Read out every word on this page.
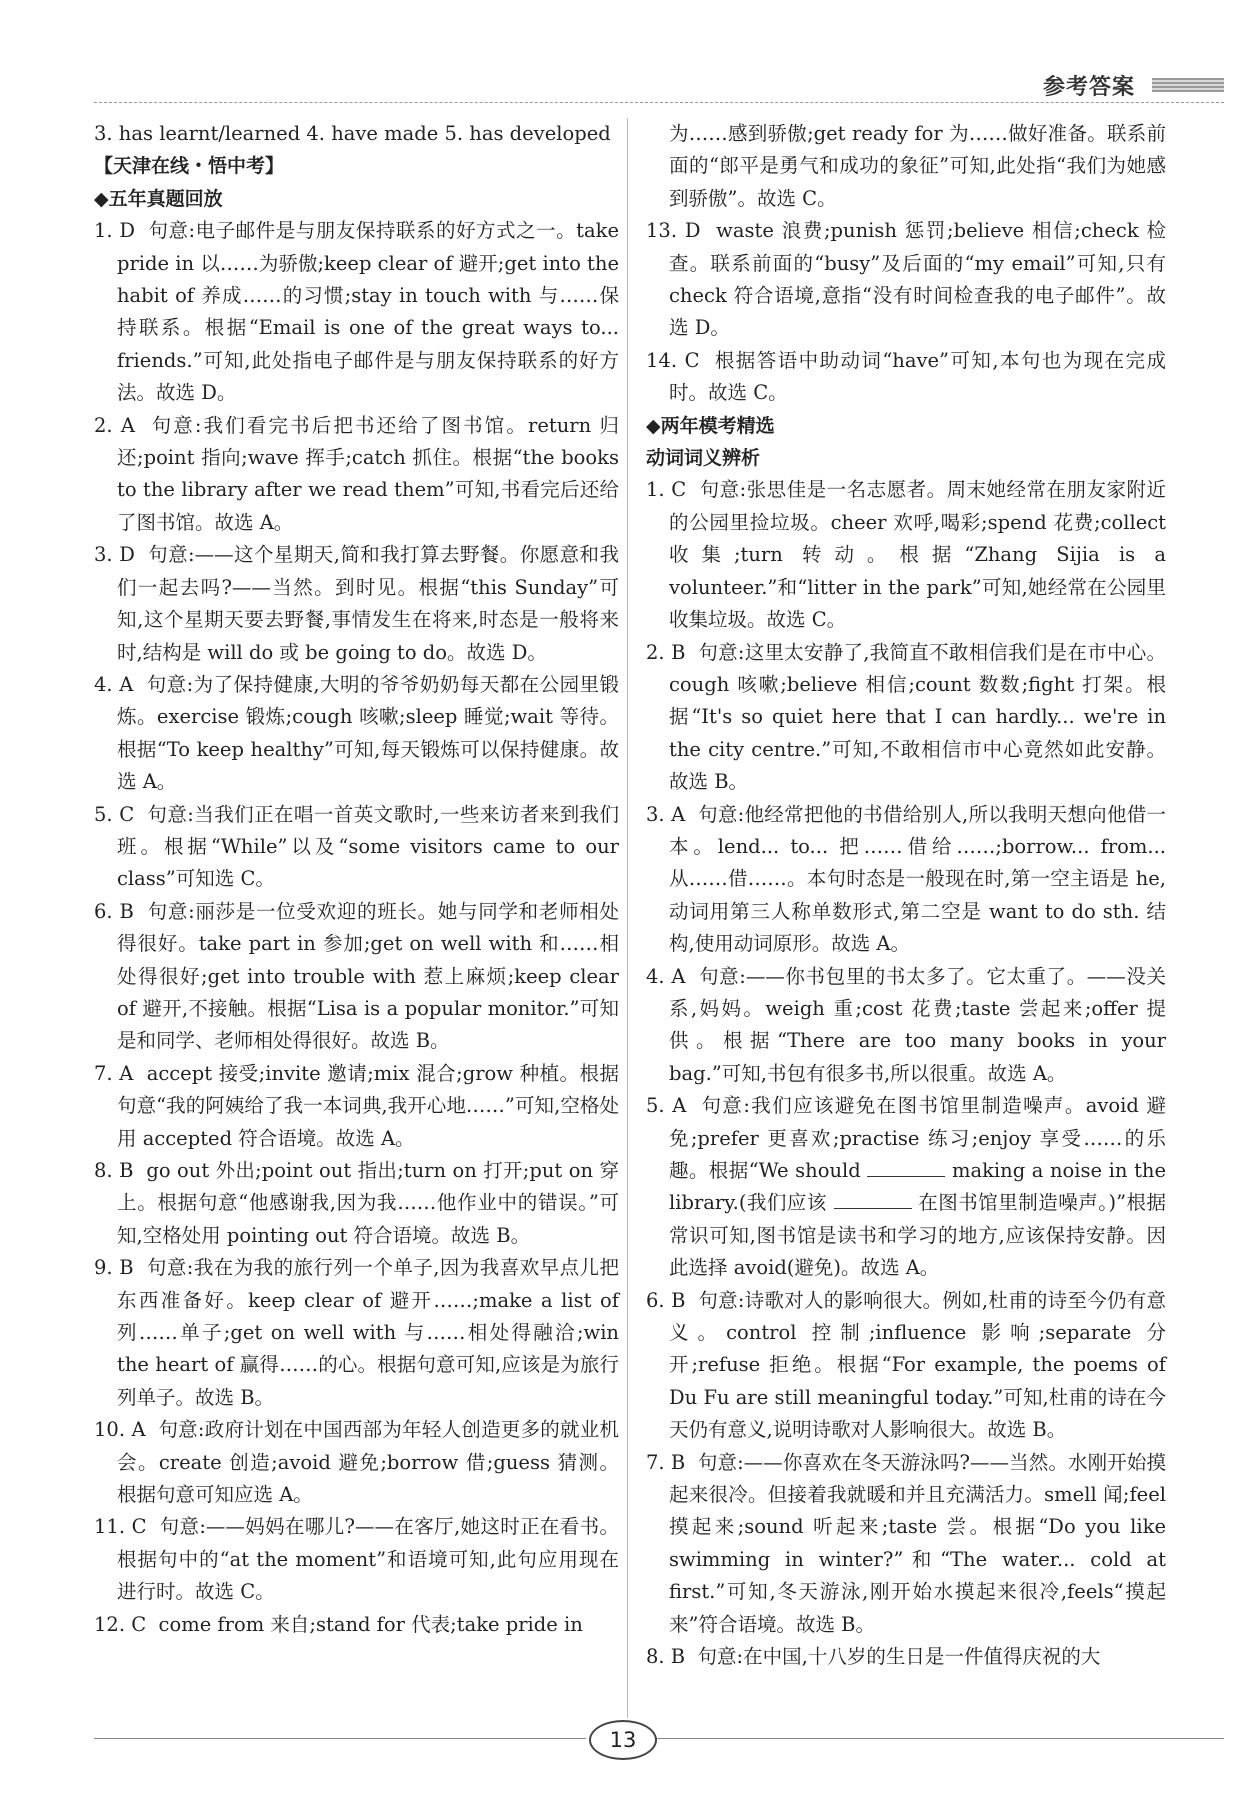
参考答案
3. has learnt/learned 4. have made 5. has developed
【天津在线・悟中考】
◆五年真题回放
1. D 句意:电子邮件是与朋友保持联系的好方式之一。take pride in 以……为骄傲;keep clear of 避开;get into the habit of 养成……的习惯;stay in touch with 与……保持联系。根据“Email is one of the great ways to... friends.”可知,此处指电子邮件是与朋友保持联系的好方法。故选 D。
2. A 句意:我们看完书后把书还给了图书馆。return 归还;point 指向;wave 挥手;catch 抓住。根据“the books to the library after we read them”可知,书看完后还给了图书馆。故选 A。
3. D 句意:——这个星期天,简和我打算去野餐。你愿意和我们一起去吗?——当然。到时见。根据“this Sunday”可知,这个星期天要去野餐,事情发生在将来,时态是一般将来时,结构是 will do 或 be going to do。故选 D。
4. A 句意:为了保持健康,大明的爷爷奶奶每天都在公园里锻炼。exercise 锻炼;cough 咳嗽;sleep 睡觉;wait 等待。根据“To keep healthy”可知,每天锻炼可以保持健康。故选 A。
5. C 句意:当我们正在唱一首英文歌时,一些来访者来到我们班。根据“While”以及“some visitors came to our class”可知选 C。
6. B 句意:丽莎是一位受欢迎的班长。她与同学和老师相处得很好。take part in 参加;get on well with 和……相处得很好;get into trouble with 惹上麻烦;keep clear of 避开,不接触。根据“Lisa is a popular monitor.”可知是和同学、老师相处得很好。故选 B。
7. A accept 接受;invite 邀请;mix 混合;grow 种植。根据句意“我的阿姨给了我一本词典,我开心地……”可知,空格处用 accepted 符合语境。故选 A。
8. B go out 外出;point out 指出;turn on 打开;put on 穿上。根据句意“他感谢我,因为我……他作业中的错误。”可知,空格处用 pointing out 符合语境。故选 B。
9. B 句意:我在为我的旅行列一个单子,因为我喜欢早点儿把东西准备好。keep clear of 避开……;make a list of 列……单子;get on well with 与……相处得融洽;win the heart of 赢得……的心。根据句意可知,应该是为旅行列单子。故选 B。
10. A 句意:政府计划在中国西部为年轻人创造更多的就业机会。create 创造;avoid 避免;borrow 借;guess 猜测。根据句意可知应选 A。
11. C 句意:——妈妈在哪儿?——在客厅,她这时正在看书。根据句中的“at the moment”和语境可知,此句应用现在进行时。故选 C。
12. C come from 来自;stand for 代表;take pride in
为……感到骄傲;get ready for 为……做好准备。联系前面的“郎平是勇气和成功的象征”可知,此处指“我们为她感到骄傲”。故选 C。
13. D waste 浪费;punish 惩罚;believe 相信;check 检查。联系前面的“busy”及后面的“my email”可知,只有 check 符合语境,意指“没有时间检查我的电子邮件”。故选 D。
14. C 根据答语中助动词“have”可知,本句也为现在完成时。故选 C。
◆两年模考精选
动词词义辨析
1. C 句意:张思佳是一名志愿者。周末她经常在朋友家附近的公园里捡垃圾。cheer 欢呼,喝彩;spend 花费;collect 收集;turn 转动。根据“Zhang Sijia is a volunteer.”和“litter in the park”可知,她经常在公园里收集垃圾。故选 C。
2. B 句意:这里太安静了,我简直不敢相信我们是在市中心。cough 咳嗽;believe 相信;count 数数;fight 打架。根据“It's so quiet here that I can hardly... we're in the city centre.”可知,不敢相信市中心竟然如此安静。故选 B。
3. A 句意:他经常把他的书借给别人,所以我明天想向他借一本。lend... to... 把……借给……;borrow... from... 从……借……。本句时态是一般现在时,第一空主语是 he,动词用第三人称单数形式,第二空是 want to do sth. 结构,使用动词原形。故选 A。
4. A 句意:——你书包里的书太多了。它太重了。——没关系,妈妈。weigh 重;cost 花费;taste 尝起来;offer 提供。根据“There are too many books in your bag.”可知,书包有很多书,所以很重。故选 A。
5. A 句意:我们应该避免在图书馆里制造噪声。avoid 避免;prefer 更喜欢;practise 练习;enjoy 享受……的乐趣。根据“We should	making a noise in the library.(我们应该	在图书馆里制造噪声。)”根据常识可知,图书馆是读书和学习的地方,应该保持安静。因此选择 avoid(避免)。故选 A。
6. B 句意:诗歌对人的影响很大。例如,杜甫的诗至今仍有意义。control 控制;influence 影响;separate 分开;refuse 拒绝。根据“For example, the poems of Du Fu are still meaningful today.”可知,杜甫的诗在今天仍有意义,说明诗歌对人影响很大。故选 B。
7. B 句意:——你喜欢在冬天游泳吗?——当然。水刚开始摸起来很冷。但接着我就暖和并且充满活力。smell 闻;feel 摸起来;sound 听起来;taste 尝。根据“Do you like swimming in winter?”和“The water... cold at first.”可知,冬天游泳,刚开始水摸起来很冷,feels“摸起来”符合语境。故选 B。
8. B 句意:在中国,十八岁的生日是一件值得庆祝的大
13
